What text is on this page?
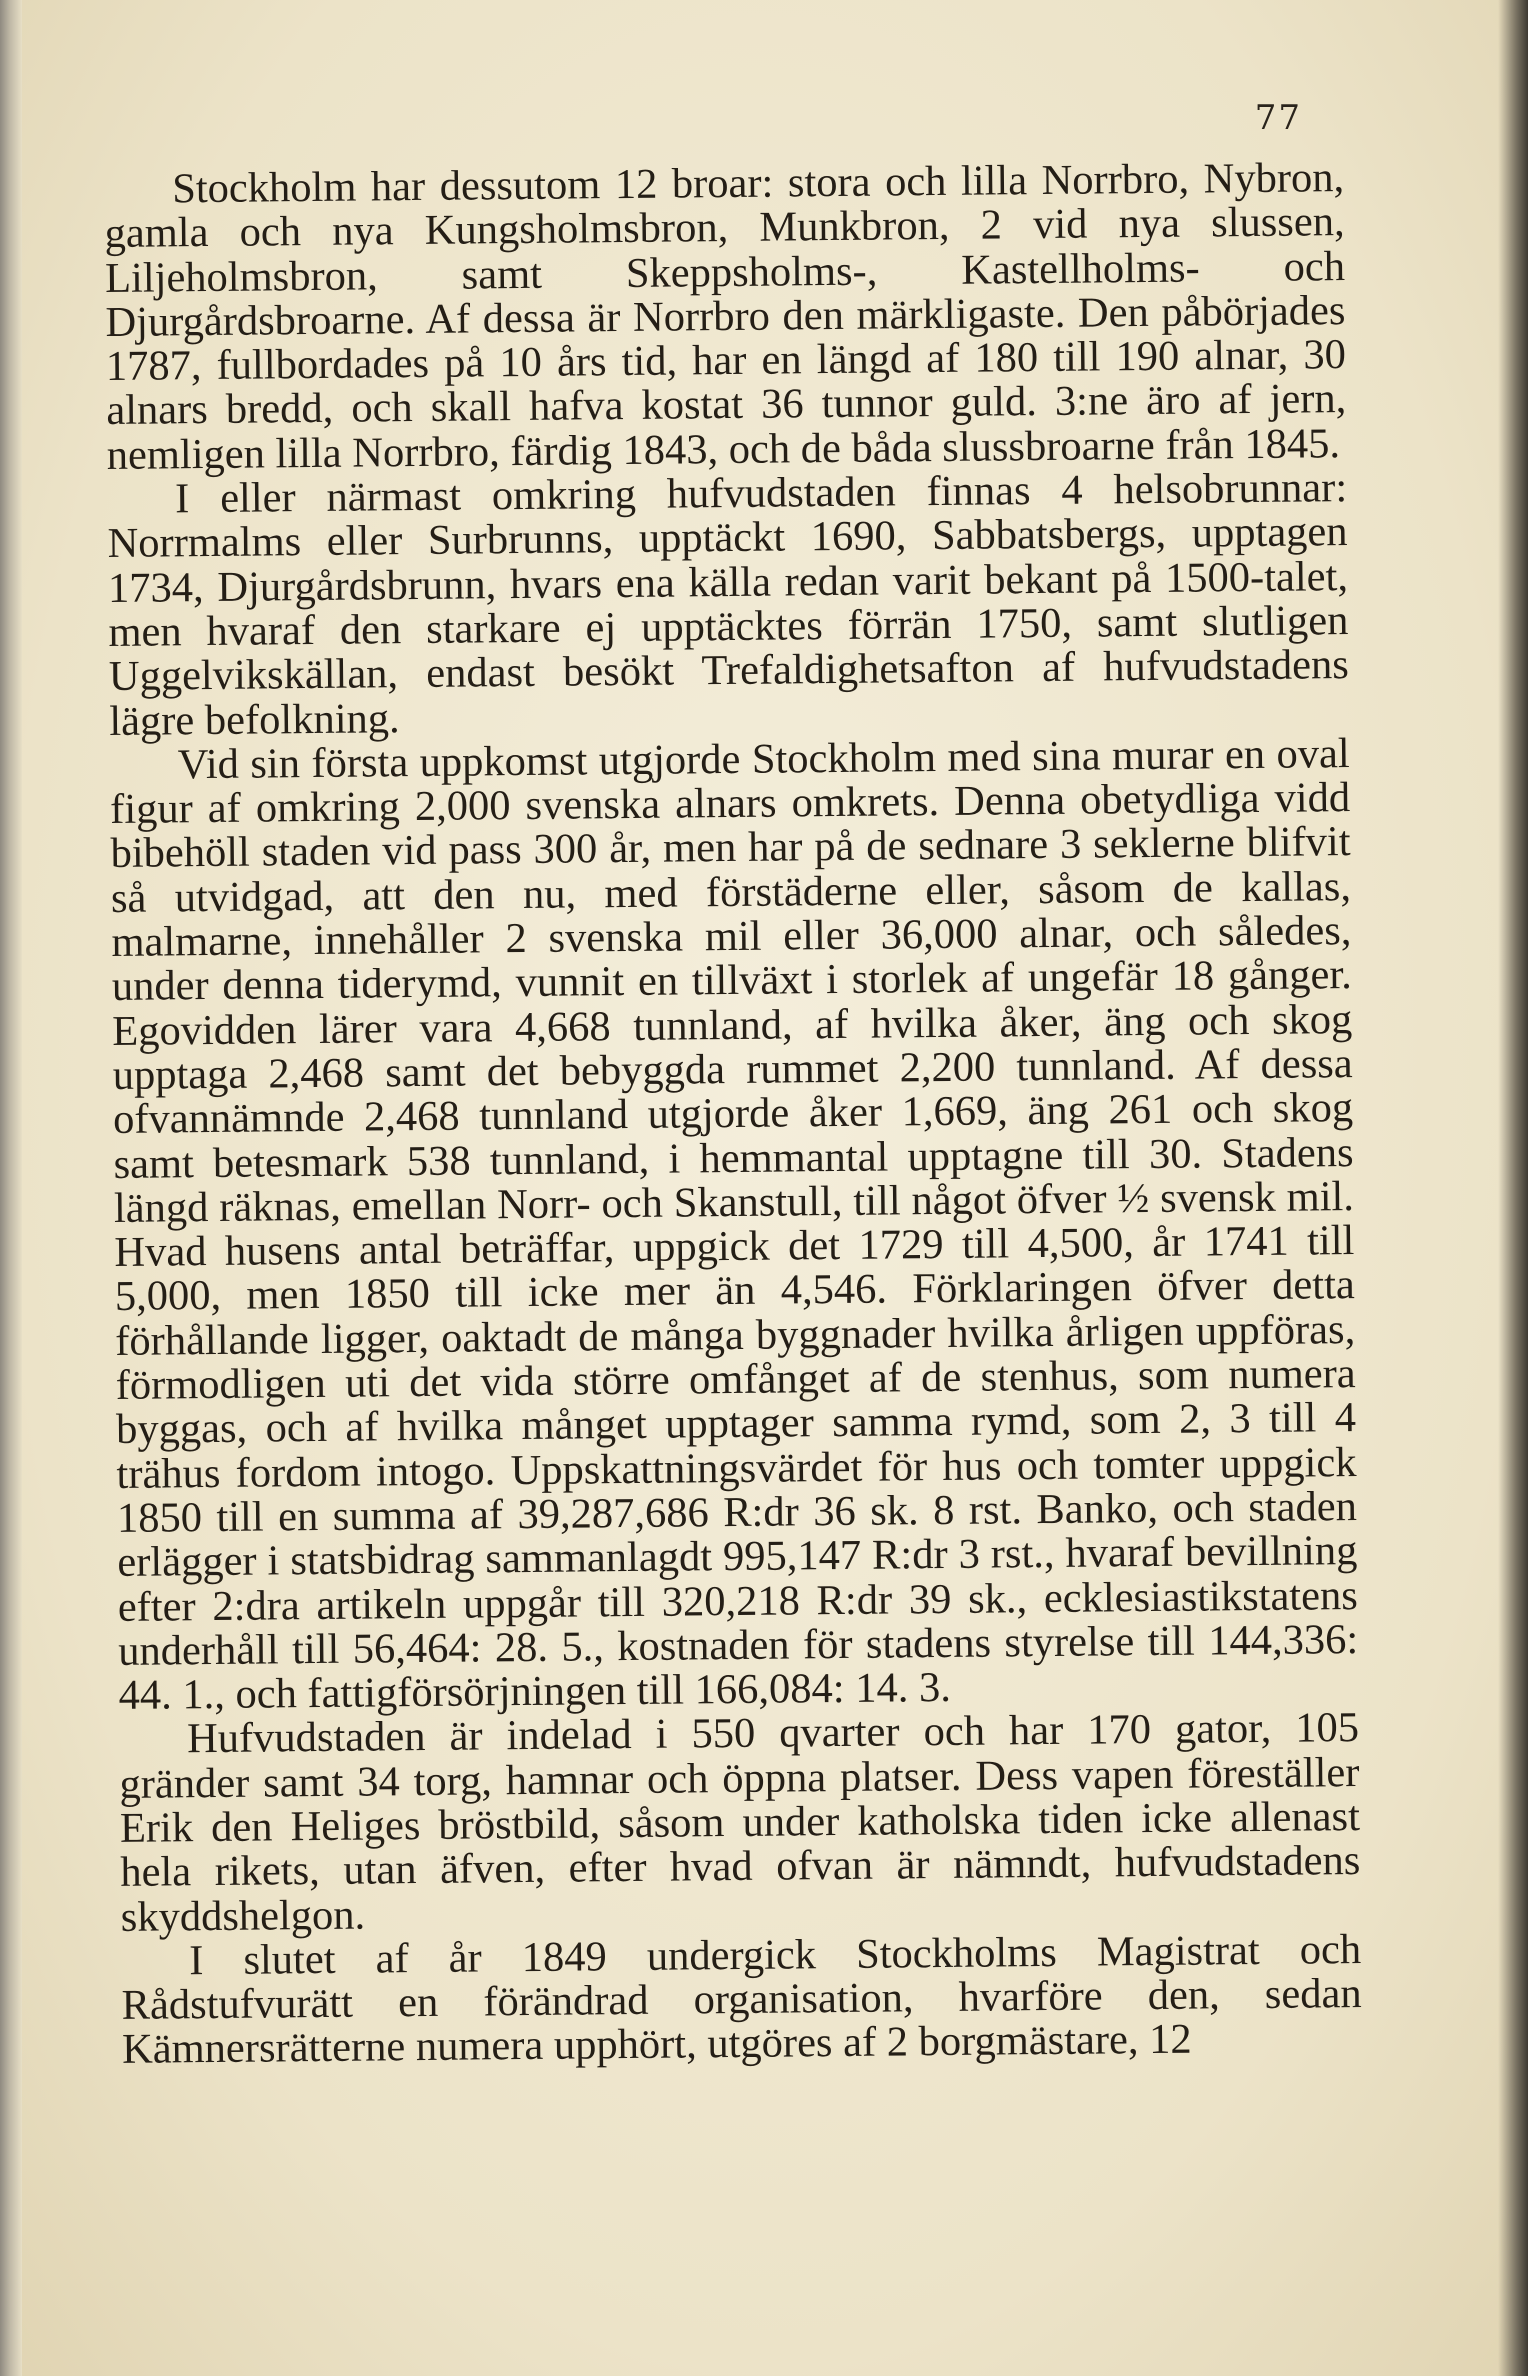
77

Stockholm har dessutom 12 broar: stora och lilla Norrbro, Nybron, gamla och nya Kungsholmsbron, Munkbron, 2 vid nya slussen, Liljeholmsbron, samt Skeppsholms-, Kastellholms- och Djurgårdsbroarne. Af dessa är Norrbro den märkligaste. Den påbörjades 1787, fullbordades på 10 års tid, har en längd af 180 till 190 alnar, 30 alnars bredd, och skall hafva kostat 36 tunnor guld. 3:ne äro af jern, nemligen lilla Norrbro, färdig 1843, och de båda slussbroarne från 1845.

I eller närmast omkring hufvudstaden finnas 4 helsobrunnar: Norrmalms eller Surbrunns, upptäckt 1690, Sabbatsbergs, upptagen 1734, Djurgårdsbrunn, hvars ena källa redan varit bekant på 1500-talet, men hvaraf den starkare ej upptäcktes förrän 1750, samt slutligen Uggelvikskällan, endast besökt Trefaldighetsafton af hufvudstadens lägre befolkning.

Vid sin första uppkomst utgjorde Stockholm med sina murar en oval figur af omkring 2,000 svenska alnars omkrets. Denna obetydliga vidd bibehöll staden vid pass 300 år, men har på de sednare 3 seklerne blifvit så utvidgad, att den nu, med förstäderne eller, såsom de kallas, malmarne, innehåller 2 svenska mil eller 36,000 alnar, och således, under denna tiderymd, vunnit en tillväxt i storlek af ungefär 18 gånger. Egovidden lärer vara 4,668 tunnland, af hvilka åker, äng och skog upptaga 2,468 samt det bebyggda rummet 2,200 tunnland. Af dessa ofvannämnde 2,468 tunnland utgjorde åker 1,669, äng 261 och skog samt betesmark 538 tunnland, i hemmantal upptagne till 30. Stadens längd räknas, emellan Norr- och Skanstull, till något öfver ½ svensk mil. Hvad husens antal beträffar, uppgick det 1729 till 4,500, år 1741 till 5,000, men 1850 till icke mer än 4,546. Förklaringen öfver detta förhållande ligger, oaktadt de många byggnader hvilka årligen uppföras, förmodligen uti det vida större omfånget af de stenhus, som numera byggas, och af hvilka månget upptager samma rymd, som 2, 3 till 4 trähus fordom intogo. Uppskattningsvärdet för hus och tomter uppgick 1850 till en summa af 39,287,686 R:dr 36 sk. 8 rst. Banko, och staden erlägger i statsbidrag sammanlagdt 995,147 R:dr 3 rst., hvaraf bevillning efter 2:dra artikeln uppgår till 320,218 R:dr 39 sk., ecklesiastikstatens underhåll till 56,464: 28. 5., kostnaden för stadens styrelse till 144,336: 44. 1., och fattigförsörjningen till 166,084: 14. 3.

Hufvudstaden är indelad i 550 qvarter och har 170 gator, 105 gränder samt 34 torg, hamnar och öppna platser. Dess vapen föreställer Erik den Heliges bröstbild, såsom under katholska tiden icke allenast hela rikets, utan äfven, efter hvad ofvan är nämndt, hufvudstadens skyddshelgon.

I slutet af år 1849 undergick Stockholms Magistrat och Rådstufvurätt en förändrad organisation, hvarföre den, sedan Kämnersrätterne numera upphört, utgöres af 2 borgmästare, 12
